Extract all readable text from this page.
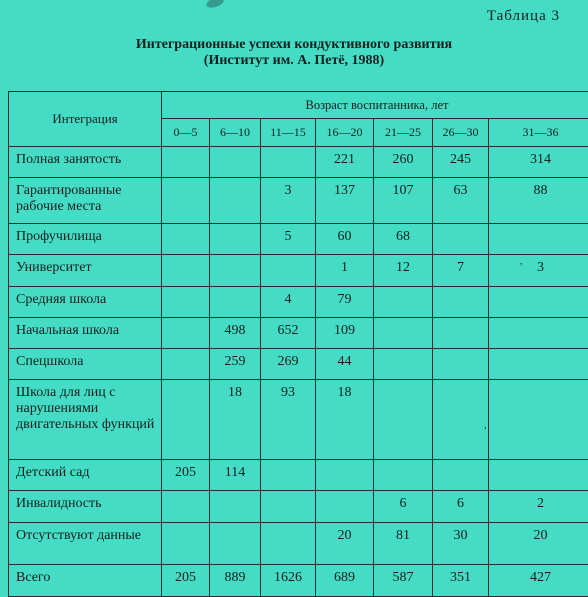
Таблица 3
Интеграционные успехи кондуктивного развития
(Институт им. А. Петё, 1988)
Интеграция	Возраст воспитанника, лет						
	0—5	6—10	11—15	16—20	21—25	26—30	31—36
Полная занятость				221	260	245	314
Гарантированные рабочие места			3	137	107	63	88
Профучилища			5	60	68		
Университет				1	12	7	3
Средняя школа			4	79			
Начальная школа		498	652	109			
Спецшкола		259	269	44			
Школа для лиц с нарушениями двигательных функций		18	93	18			
Детский сад	205	114					
Инвалидность					6	6	2
Отсутствуют данные				20	81	30	20
Всего	205	889	1626	689	587	351	427
,
,
